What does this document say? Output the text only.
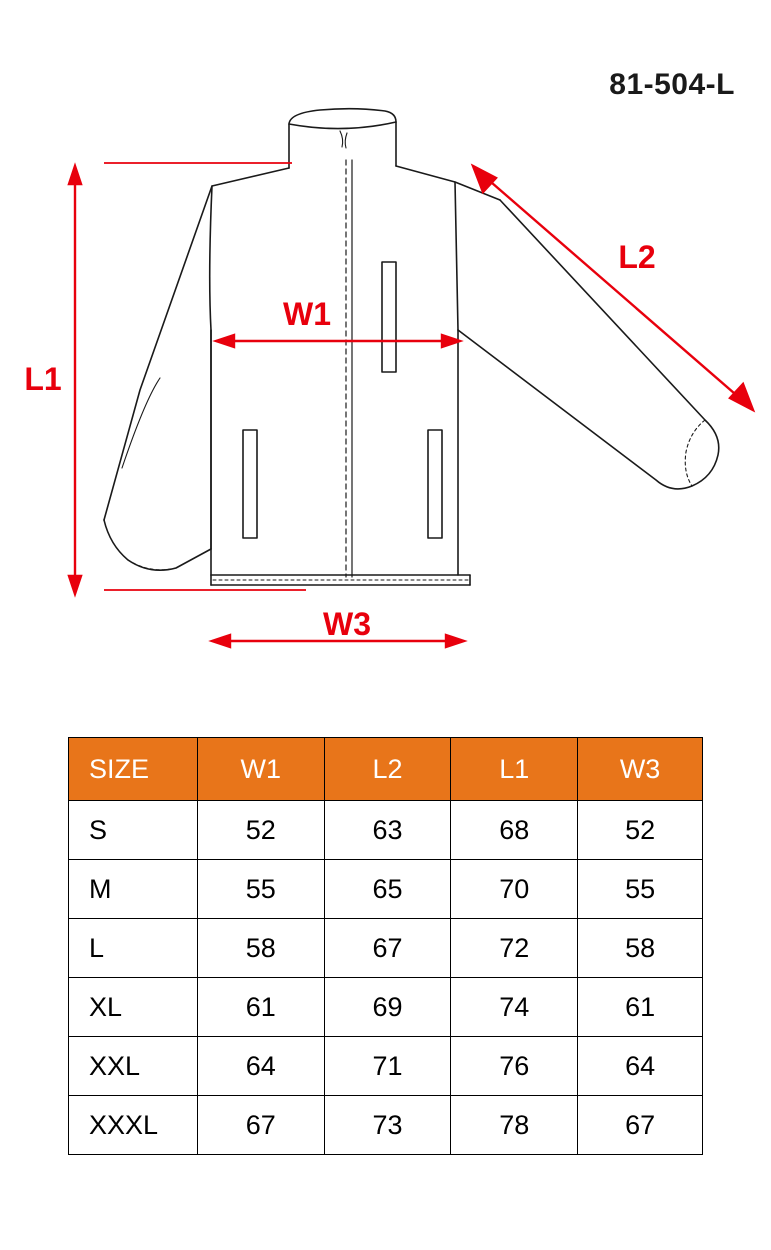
81-504-L
L1
W1
L2
W3
SIZE	W1	L2	L1	W3
S	52	63	68	52
M	55	65	70	55
L	58	67	72	58
XL	61	69	74	61
XXL	64	71	76	64
XXXL	67	73	78	67
